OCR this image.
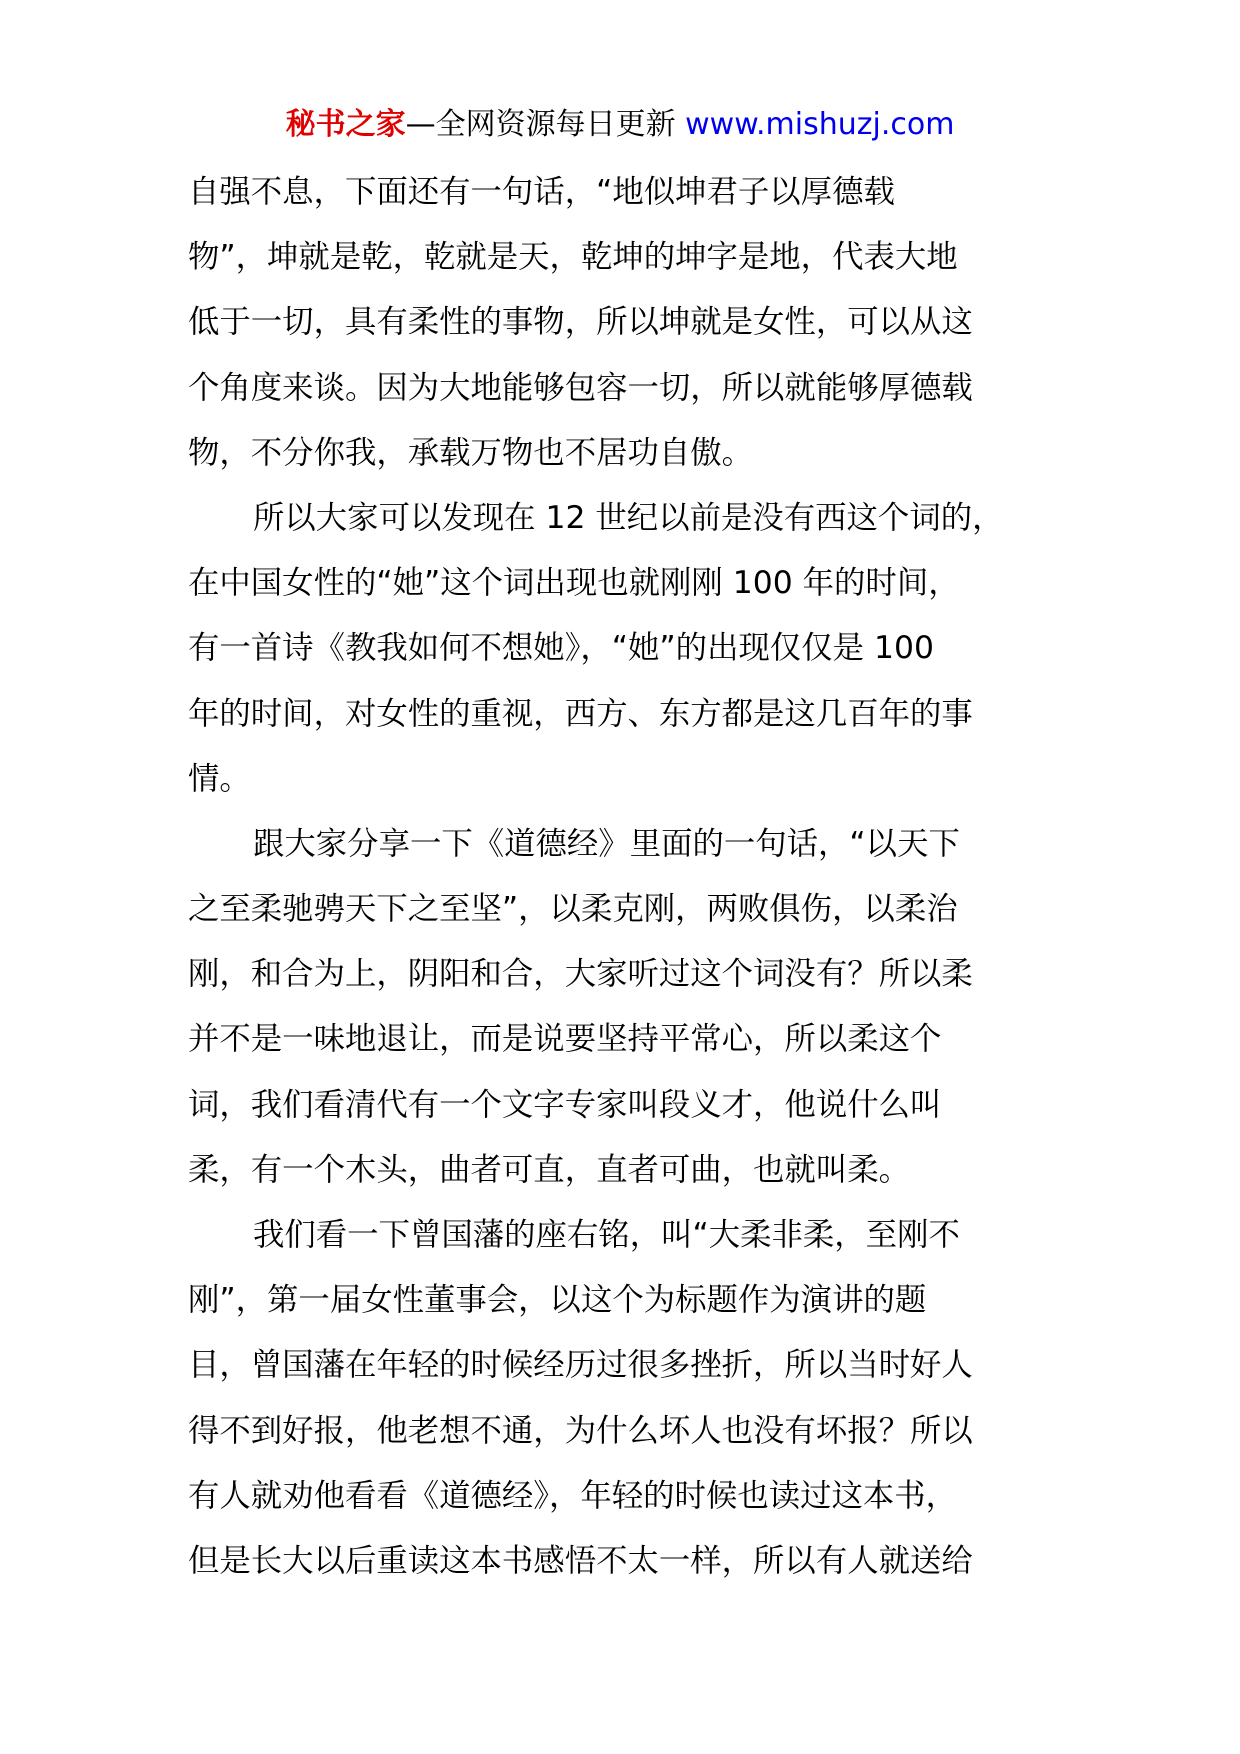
秘书之家—全网资源每日更新 www.mishuzj.com
自强不息，下面还有一句话，“地似坤君子以厚德载
物”，坤就是乾，乾就是天，乾坤的坤字是地，代表大地
低于一切，具有柔性的事物，所以坤就是女性，可以从这
个角度来谈。因为大地能够包容一切，所以就能够厚德载
物，不分你我，承载万物也不居功自傲。
所以大家可以发现在 12 世纪以前是没有西这个词的，
在中国女性的“她”这个词出现也就刚刚 100 年的时间，
有一首诗《教我如何不想她》，“她”的出现仅仅是 100
年的时间，对女性的重视，西方、东方都是这几百年的事
情。
跟大家分享一下《道德经》里面的一句话，“以天下
之至柔驰骋天下之至坚”，以柔克刚，两败俱伤，以柔治
刚，和合为上，阴阳和合，大家听过这个词没有？所以柔
并不是一味地退让，而是说要坚持平常心，所以柔这个
词，我们看清代有一个文字专家叫段义才，他说什么叫
柔，有一个木头，曲者可直，直者可曲，也就叫柔。
我们看一下曾国藩的座右铭，叫“大柔非柔，至刚不
刚”，第一届女性董事会，以这个为标题作为演讲的题
目，曾国藩在年轻的时候经历过很多挫折，所以当时好人
得不到好报，他老想不通，为什么坏人也没有坏报？所以
有人就劝他看看《道德经》，年轻的时候也读过这本书，
但是长大以后重读这本书感悟不太一样，所以有人就送给
